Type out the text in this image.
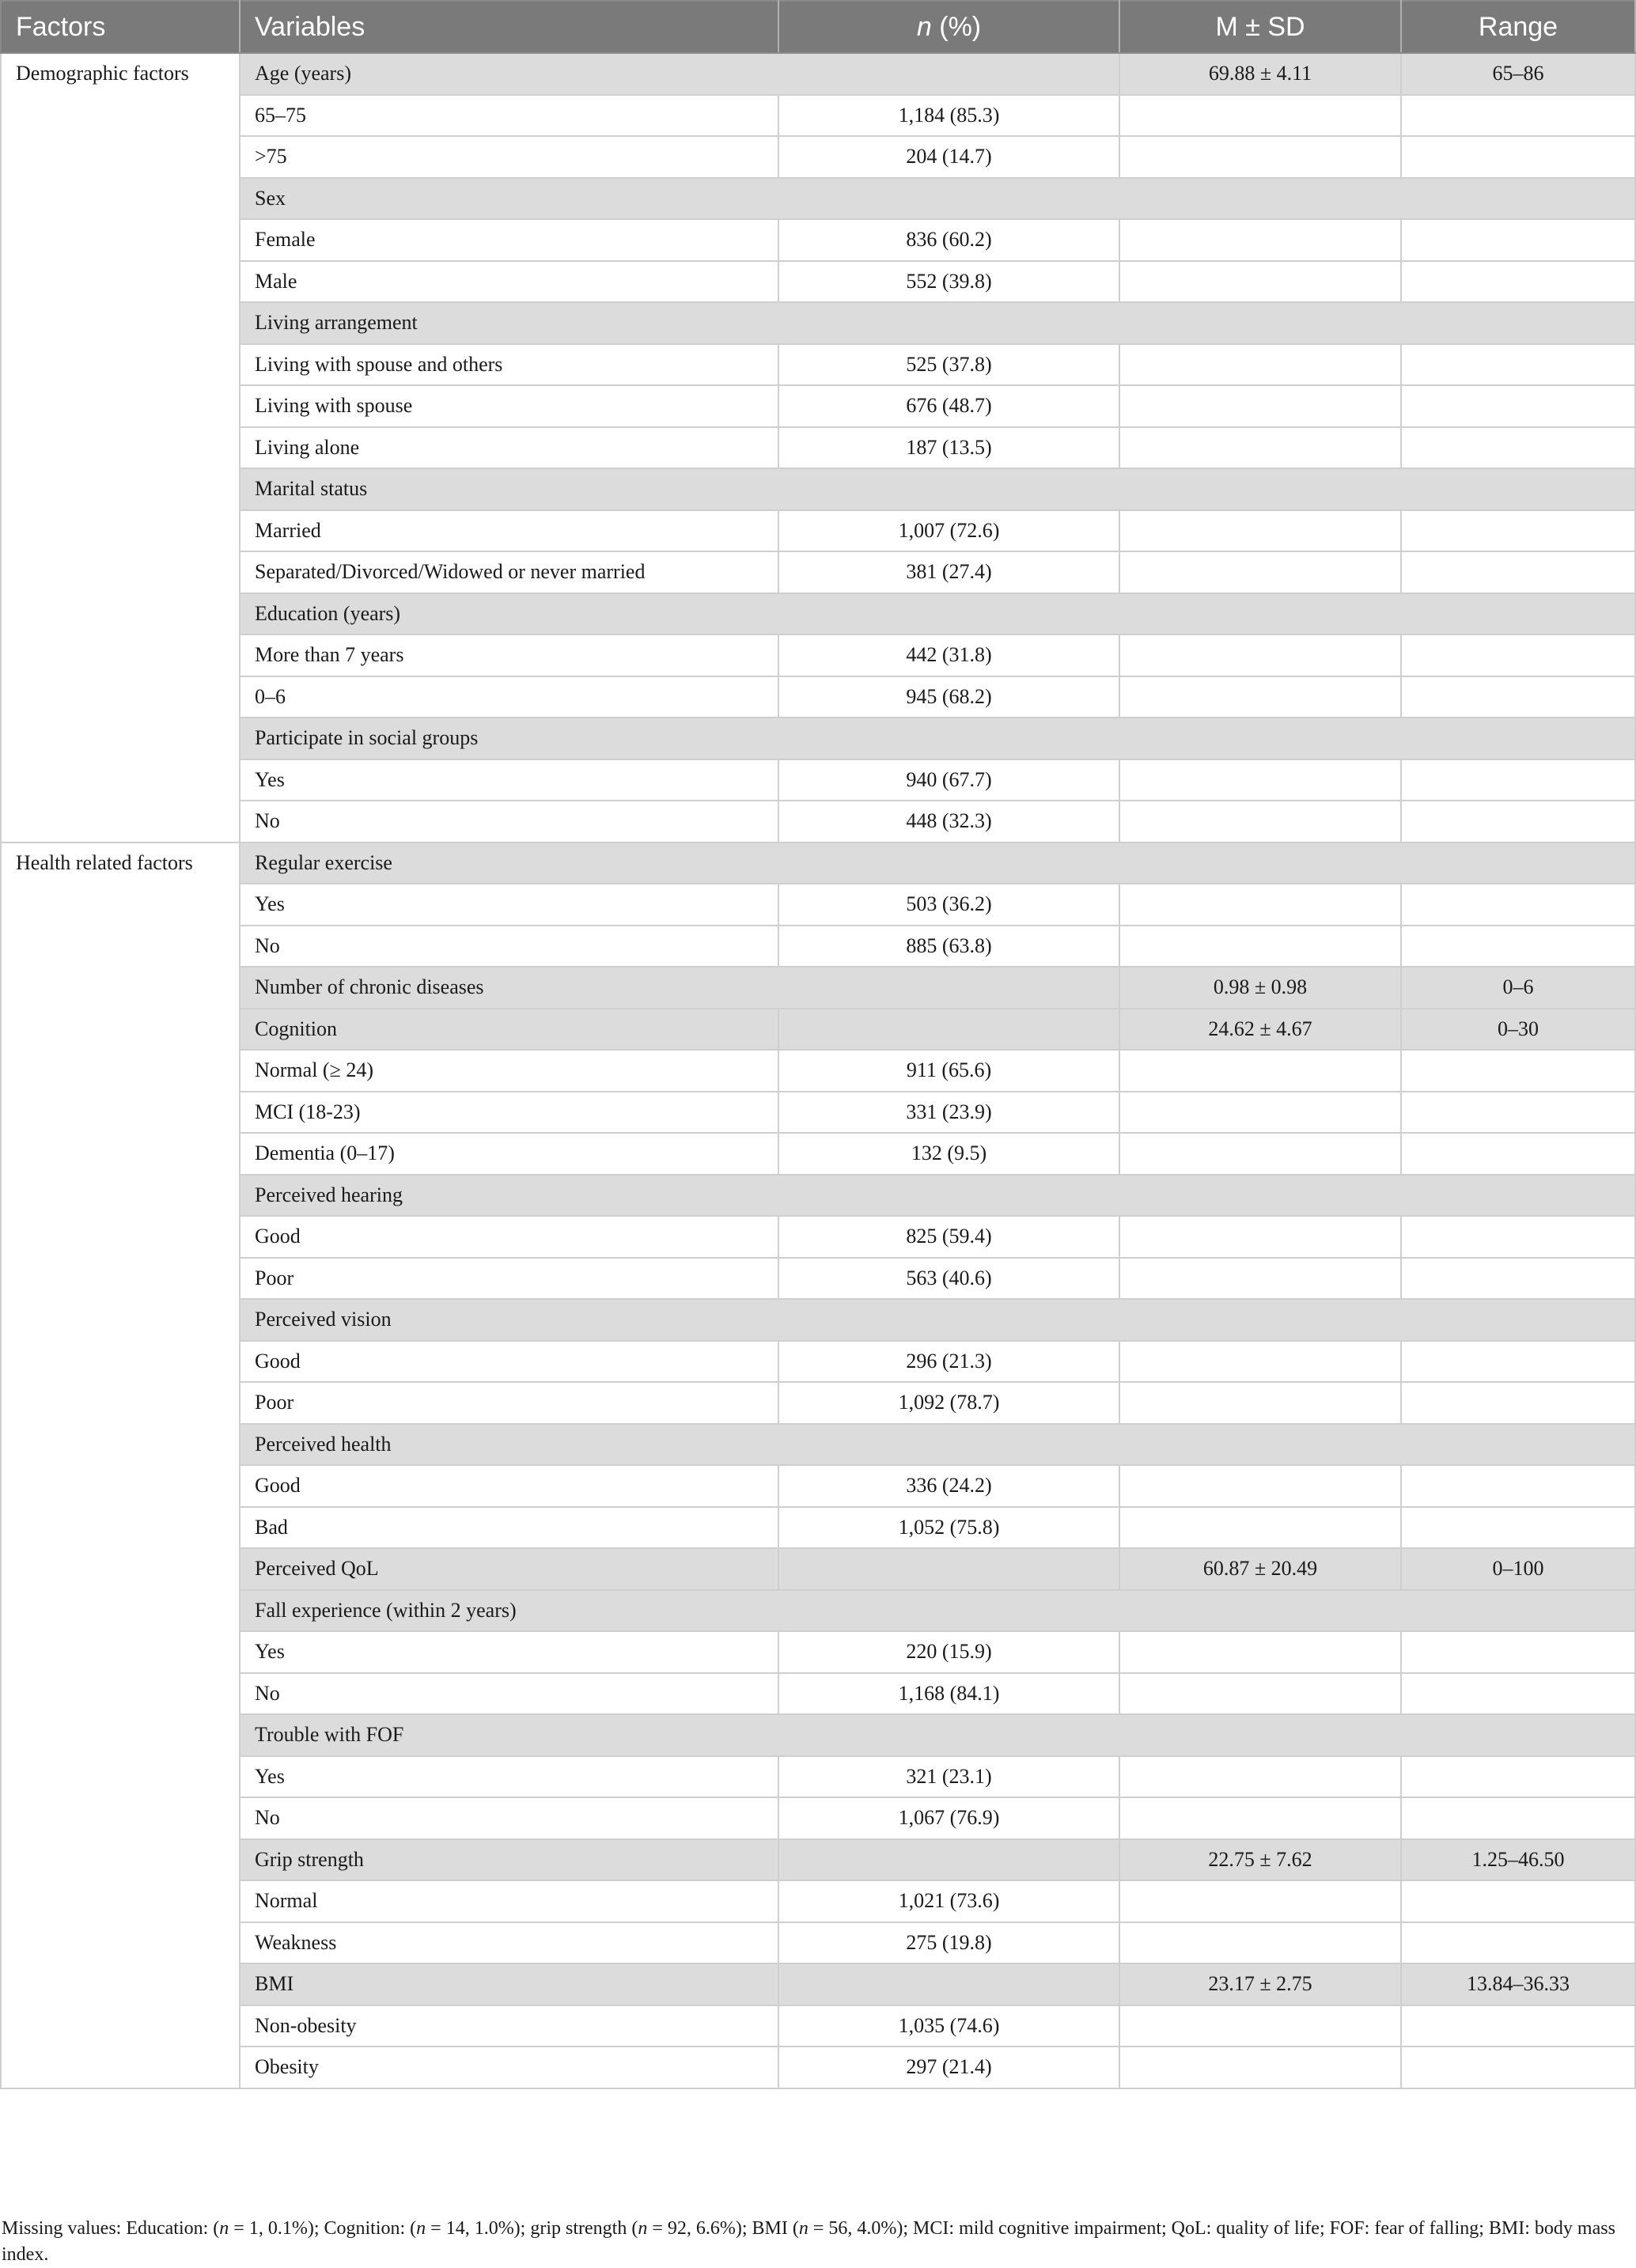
Factors	Variables	n (%)	M ± SD	Range
Demographic factors	Age (years)		69.88 ± 4.11	65–86
	65–75	1,184 (85.3)		
	>75	204 (14.7)		
	Sex			
	Female	836 (60.2)		
	Male	552 (39.8)		
	Living arrangement			
	Living with spouse and others	525 (37.8)		
	Living with spouse	676 (48.7)		
	Living alone	187 (13.5)		
	Marital status			
	Married	1,007 (72.6)		
	Separated/Divorced/Widowed or never married	381 (27.4)		
	Education (years)			
	More than 7 years	442 (31.8)		
	0–6	945 (68.2)		
	Participate in social groups			
	Yes	940 (67.7)		
	No	448 (32.3)		
Health related factors	Regular exercise			
	Yes	503 (36.2)		
	No	885 (63.8)		
	Number of chronic diseases		0.98 ± 0.98	0–6
	Cognition		24.62 ± 4.67	0–30
	Normal (≥ 24)	911 (65.6)		
	MCI (18-23)	331 (23.9)		
	Dementia (0–17)	132 (9.5)		
	Perceived hearing			
	Good	825 (59.4)		
	Poor	563 (40.6)		
	Perceived vision			
	Good	296 (21.3)		
	Poor	1,092 (78.7)		
	Perceived health			
	Good	336 (24.2)		
	Bad	1,052 (75.8)		
	Perceived QoL		60.87 ± 20.49	0–100
	Fall experience (within 2 years)			
	Yes	220 (15.9)		
	No	1,168 (84.1)		
	Trouble with FOF			
	Yes	321 (23.1)		
	No	1,067 (76.9)		
	Grip strength		22.75 ± 7.62	1.25–46.50
	Normal	1,021 (73.6)		
	Weakness	275 (19.8)		
	BMI		23.17 ± 2.75	13.84–36.33
	Non-obesity	1,035 (74.6)		
	Obesity	297 (21.4)		
Missing values: Education: (n = 1, 0.1%); Cognition: (n = 14, 1.0%); grip strength (n = 92, 6.6%); BMI (n = 56, 4.0%); MCI: mild cognitive impairment; QoL: quality of life; FOF: fear of falling; BMI: body mass index.
